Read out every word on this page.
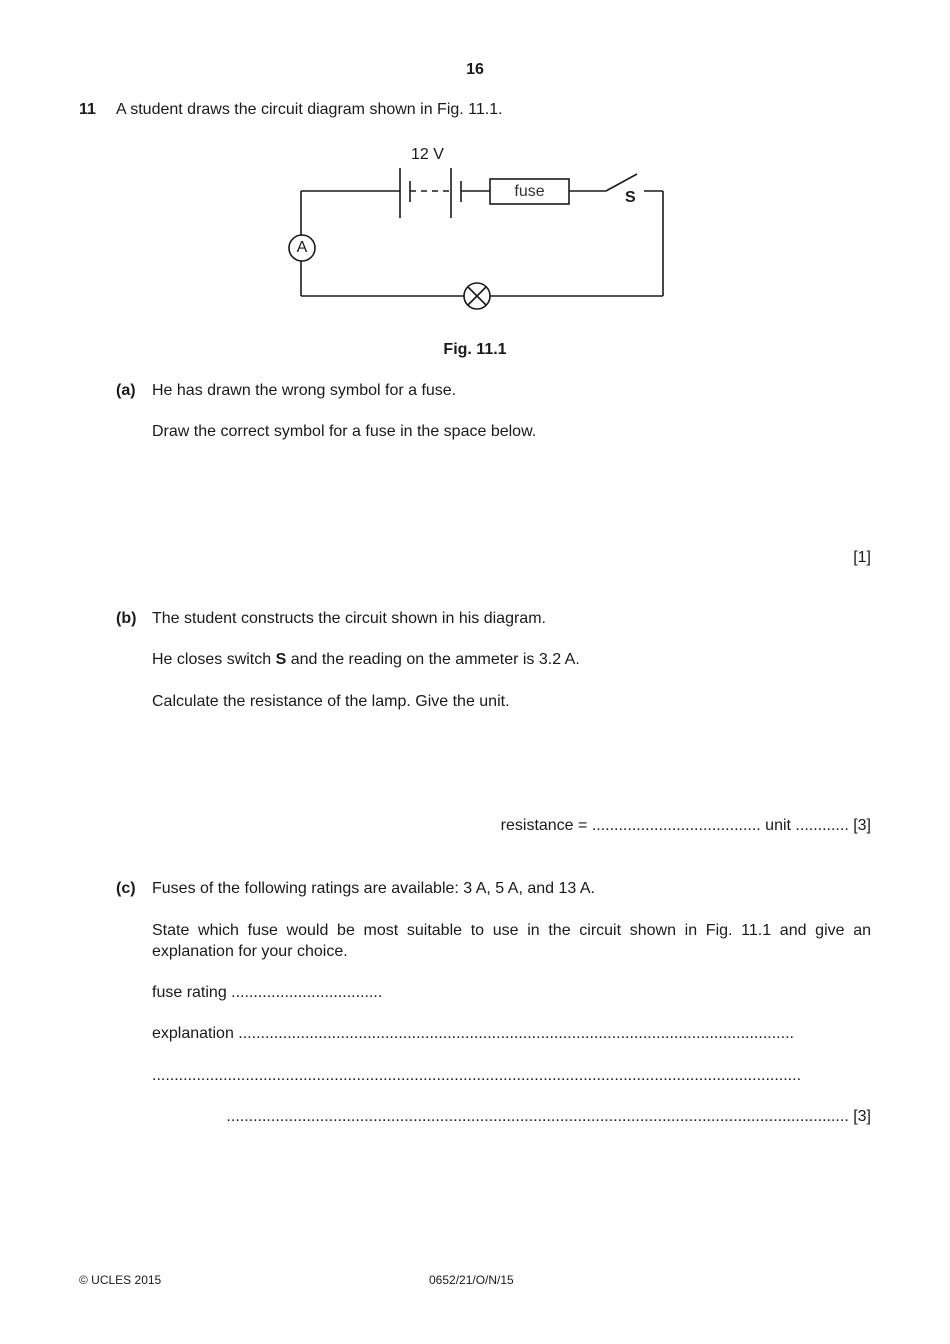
16
11 A student draws the circuit diagram shown in Fig. 11.1.
12 V
fuse	S
A
Fig. 11.1
(a) He has drawn the wrong symbol for a fuse.
Draw the correct symbol for a fuse in the space below.
[1]
(b) The student constructs the circuit shown in his diagram.
He closes switch S and the reading on the ammeter is 3.2 A.
Calculate the resistance of the lamp. Give the unit.
resistance = ...................................... unit ............ [3]
(c) Fuses of the following ratings are available: 3 A, 5 A, and 13 A.
State which fuse would be most suitable to use in the circuit shown in Fig. 11.1 and give an explanation for your choice.
fuse rating ..................................
explanation .............................................................................................................................
..................................................................................................................................................
............................................................................................................................................ [3]
© UCLES 2015	0652/21/O/N/15
